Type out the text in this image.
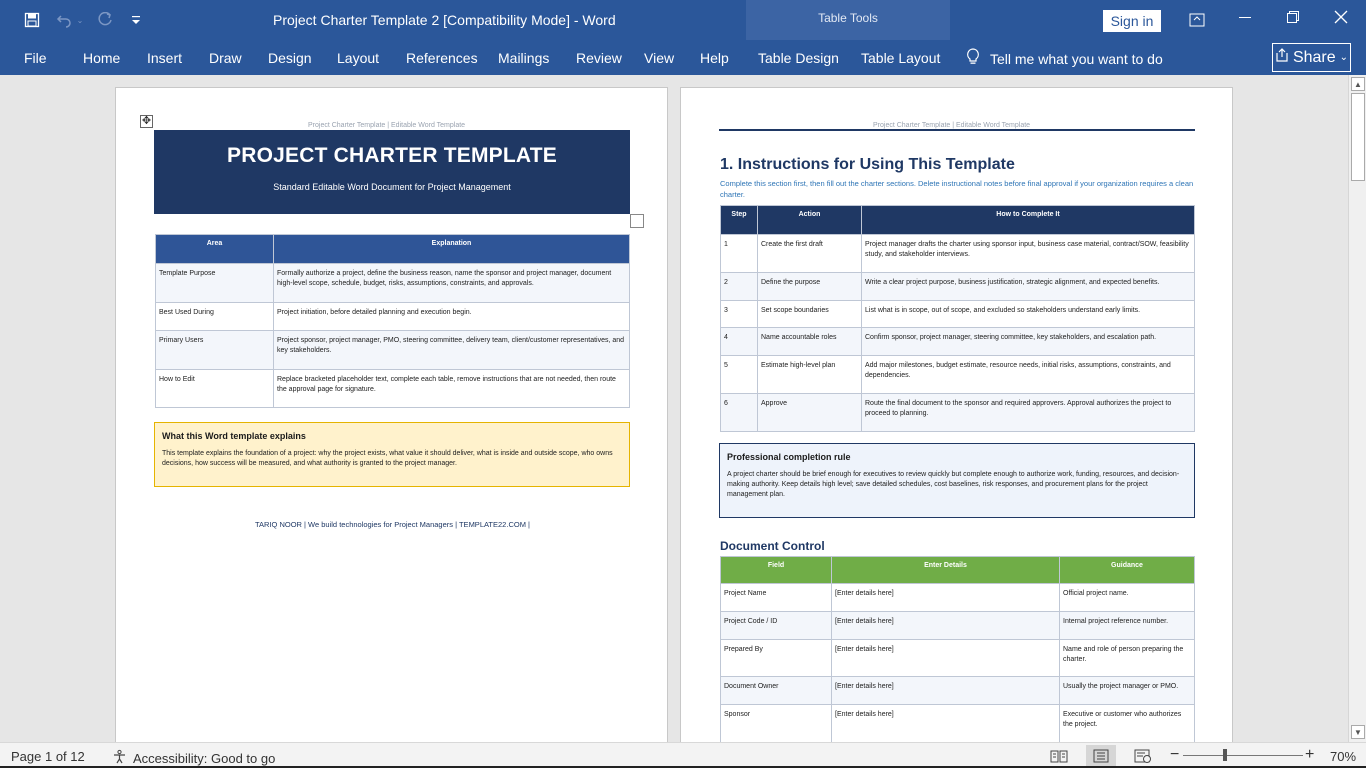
⌄	Project Charter Template 2 [Compatibility Mode] - Word	Table Tools	Sign in
File	Home Insert Draw Design Layout References Mailings Review View Help Table Design Table Layout	Tell me what you want to do	Share ⌄
Project Charter Template | Editable Word Template
✥
PROJECT CHARTER TEMPLATE
Standard Editable Word Document for Project Management
Area	Explanation
Template Purpose	Formally authorize a project, define the business reason, name the sponsor and project manager, document high-level scope, schedule, budget, risks, assumptions, constraints, and approvals.
Best Used During	Project initiation, before detailed planning and execution begin.
Primary Users	Project sponsor, project manager, PMO, steering committee, delivery team, client/customer representatives, and key stakeholders.
How to Edit	Replace bracketed placeholder text, complete each table, remove instructions that are not needed, then route the approval page for signature.
What this Word template explains
This template explains the foundation of a project: why the project exists, what value it should deliver, what is inside and outside scope, who owns decisions, how success will be measured, and what authority is granted to the project manager.
TARIQ NOOR | We build technologies for Project Managers | TEMPLATE22.COM |
Project Charter Template | Editable Word Template
1. Instructions for Using This Template
Complete this section first, then fill out the charter sections. Delete instructional notes before final approval if your organization requires a clean charter.
Step	Action	How to Complete It
1	Create the first draft	Project manager drafts the charter using sponsor input, business case material, contract/SOW, feasibility study, and stakeholder interviews.
2	Define the purpose	Write a clear project purpose, business justification, strategic alignment, and expected benefits.
3	Set scope boundaries	List what is in scope, out of scope, and excluded so stakeholders understand early limits.
4	Name accountable roles	Confirm sponsor, project manager, steering committee, key stakeholders, and escalation path.
5	Estimate high-level plan	Add major milestones, budget estimate, resource needs, initial risks, assumptions, constraints, and dependencies.
6	Approve	Route the final document to the sponsor and required approvers. Approval authorizes the project to proceed to planning.
Professional completion rule
A project charter should be brief enough for executives to review quickly but complete enough to authorize work, funding, resources, and decision-making authority. Keep details high level; save detailed schedules, cost baselines, risk responses, and procurement plans for the project management plan.
Document Control
Field	Enter Details	Guidance
Project Name	[Enter details here]	Official project name.
Project Code / ID	[Enter details here]	Internal project reference number.
Prepared By	[Enter details here]	Name and role of person preparing the charter.
Document Owner	[Enter details here]	Usually the project manager or PMO.
Sponsor	[Enter details here]	Executive or customer who authorizes the project.
▲
▼
Page 1 of 12	Accessibility: Good to go	−	+ 70%
